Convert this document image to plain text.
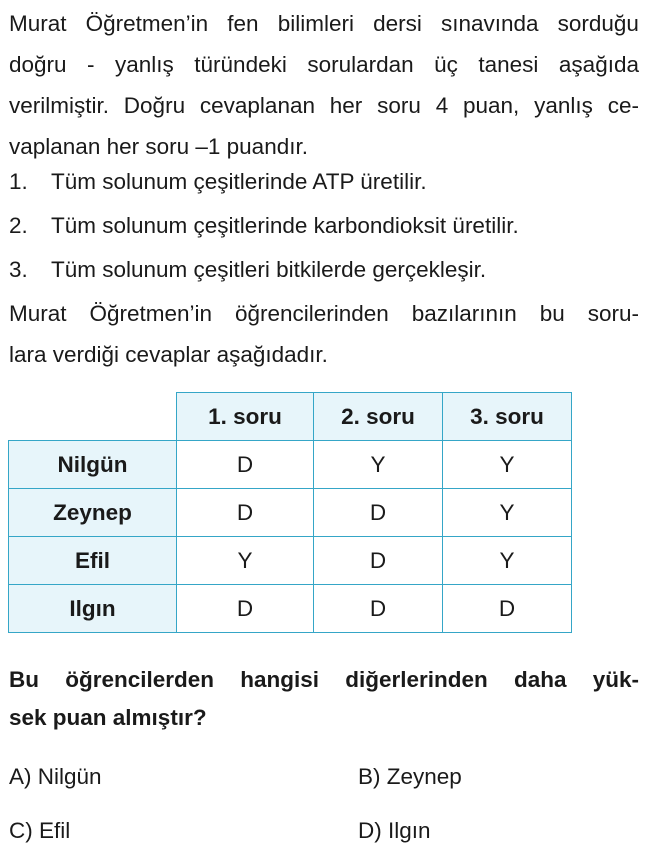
Murat Öğretmen’in fen bilimleri dersi sınavında sorduğu
doğru - yanlış türündeki sorulardan üç tanesi aşağıda
verilmiştir. Doğru cevaplanan her soru 4 puan, yanlış ce-
vaplanan her soru –1 puandır.
1. Tüm solunum çeşitlerinde ATP üretilir.
2. Tüm solunum çeşitlerinde karbondioksit üretilir.
3. Tüm solunum çeşitleri bitkilerde gerçekleşir.
Murat Öğretmen’in öğrencilerinden bazılarının bu soru-
lara verdiği cevaplar aşağıdadır.
	1. soru	2. soru	3. soru
Nilgün	D	Y	Y
Zeynep	D	D	Y
Efil	Y	D	Y
Ilgın	D	D	D
Bu öğrencilerden hangisi diğerlerinden daha yük-
sek puan almıştır?
A) Nilgün	B) Zeynep
C) Efil	D) Ilgın
